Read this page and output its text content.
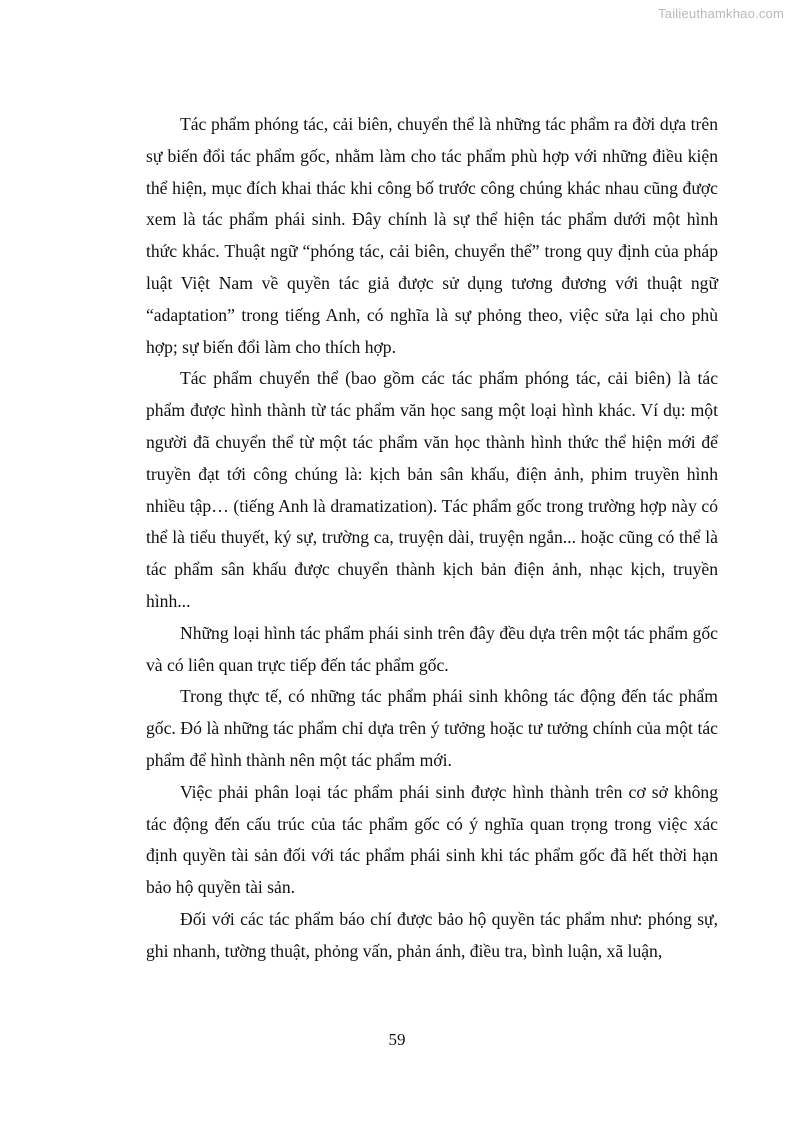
Tailieuthamkhao.com

Tác phẩm phóng tác, cải biên, chuyển thể là những tác phẩm ra đời dựa trên sự biến đổi tác phẩm gốc, nhằm làm cho tác phẩm phù hợp với những điều kiện thể hiện, mục đích khai thác khi công bố trước công chúng khác nhau cũng được xem là tác phẩm phái sinh. Đây chính là sự thể hiện tác phẩm dưới một hình thức khác. Thuật ngữ “phóng tác, cải biên, chuyển thể” trong quy định của pháp luật Việt Nam về quyền tác giả được sử dụng tương đương với thuật ngữ “adaptation” trong tiếng Anh, có nghĩa là sự phỏng theo, việc sửa lại cho phù hợp; sự biến đổi làm cho thích hợp.

Tác phẩm chuyển thể (bao gồm các tác phẩm phóng tác, cải biên) là tác phẩm được hình thành từ tác phẩm văn học sang một loại hình khác. Ví dụ: một người đã chuyển thể từ một tác phẩm văn học thành hình thức thể hiện mới để truyền đạt tới công chúng là: kịch bản sân khấu, điện ảnh, phim truyền hình nhiều tập… (tiếng Anh là dramatization). Tác phẩm gốc trong trường hợp này có thể là tiểu thuyết, ký sự, trường ca, truyện dài, truyện ngắn... hoặc cũng có thể là tác phẩm sân khấu được chuyển thành kịch bản điện ảnh, nhạc kịch, truyền hình...

Những loại hình tác phẩm phái sinh trên đây đều dựa trên một tác phẩm gốc và có liên quan trực tiếp đến tác phẩm gốc.

Trong thực tế, có những tác phẩm phái sinh không tác động đến tác phẩm gốc. Đó là những tác phẩm chỉ dựa trên ý tưởng hoặc tư tưởng chính của một tác phẩm để hình thành nên một tác phẩm mới.

Việc phải phân loại tác phẩm phái sinh được hình thành trên cơ sở không tác động đến cấu trúc của tác phẩm gốc có ý nghĩa quan trọng trong việc xác định quyền tài sản đối với tác phẩm phái sinh khi tác phẩm gốc đã hết thời hạn bảo hộ quyền tài sản.

Đối với các tác phẩm báo chí được bảo hộ quyền tác phẩm như: phóng sự, ghi nhanh, tường thuật, phỏng vấn, phản ánh, điều tra, bình luận, xã luận,

59
